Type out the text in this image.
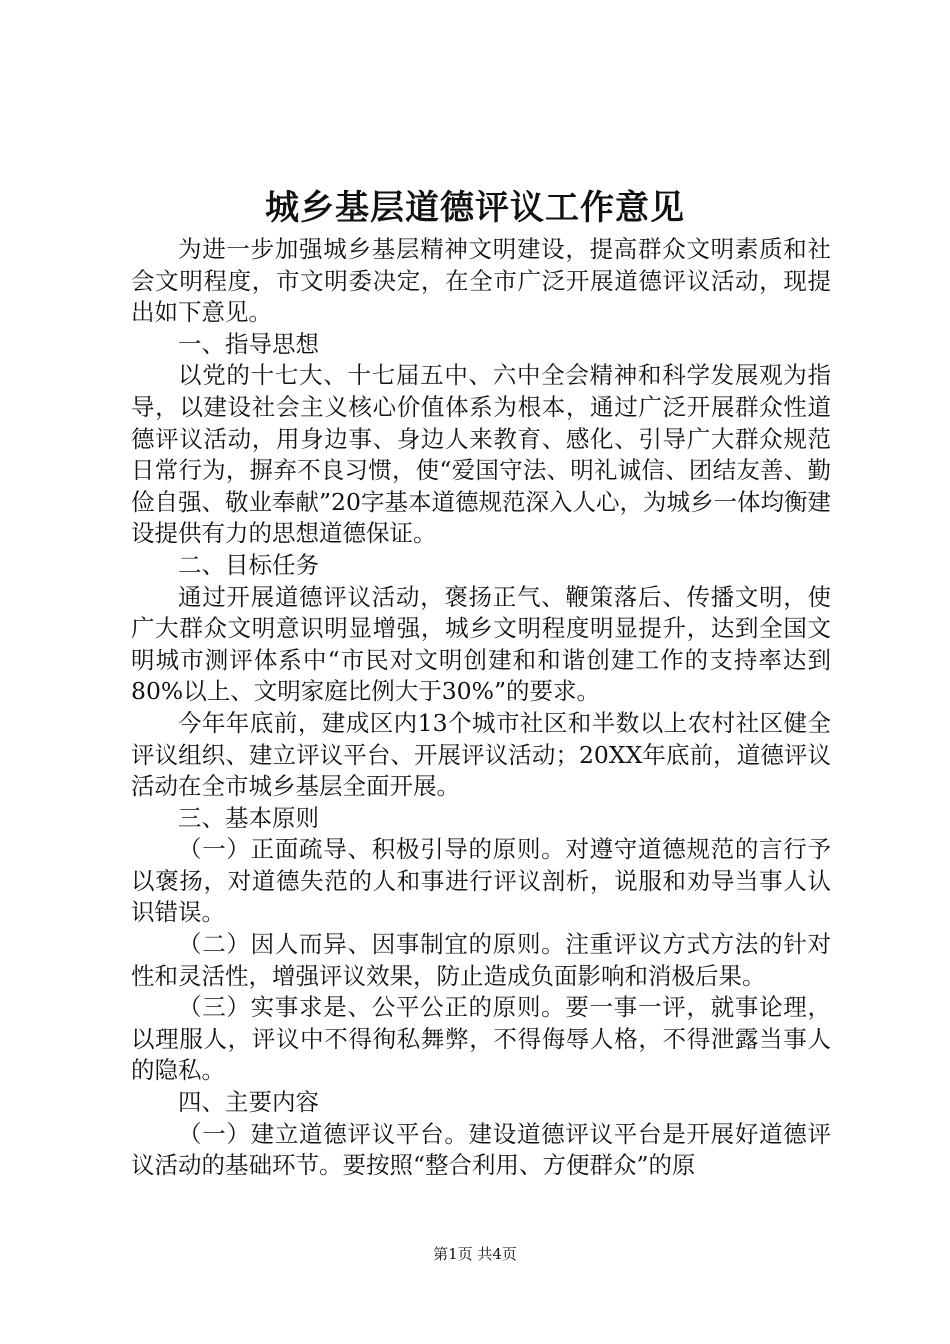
城乡基层道德评议工作意见

为进一步加强城乡基层精神文明建设，提高群众文明素质和社会文明程度，市文明委决定，在全市广泛开展道德评议活动，现提出如下意见。

一、指导思想

以党的十七大、十七届五中、六中全会精神和科学发展观为指导，以建设社会主义核心价值体系为根本，通过广泛开展群众性道德评议活动，用身边事、身边人来教育、感化、引导广大群众规范日常行为，摒弃不良习惯，使“爱国守法、明礼诚信、团结友善、勤俭自强、敬业奉献”20字基本道德规范深入人心，为城乡一体均衡建设提供有力的思想道德保证。

二、目标任务

通过开展道德评议活动，褒扬正气、鞭策落后、传播文明，使广大群众文明意识明显增强，城乡文明程度明显提升，达到全国文明城市测评体系中“市民对文明创建和和谐创建工作的支持率达到80%以上、文明家庭比例大于30%”的要求。

今年年底前，建成区内13个城市社区和半数以上农村社区健全评议组织、建立评议平台、开展评议活动；20XX年底前，道德评议活动在全市城乡基层全面开展。

三、基本原则

（一）正面疏导、积极引导的原则。对遵守道德规范的言行予以褒扬，对道德失范的人和事进行评议剖析，说服和劝导当事人认识错误。

（二）因人而异、因事制宜的原则。注重评议方式方法的针对性和灵活性，增强评议效果，防止造成负面影响和消极后果。

（三）实事求是、公平公正的原则。要一事一评，就事论理，以理服人，评议中不得徇私舞弊，不得侮辱人格，不得泄露当事人的隐私。

四、主要内容

（一）建立道德评议平台。建设道德评议平台是开展好道德评议活动的基础环节。要按照“整合利用、方便群众”的原

第1页 共4页
